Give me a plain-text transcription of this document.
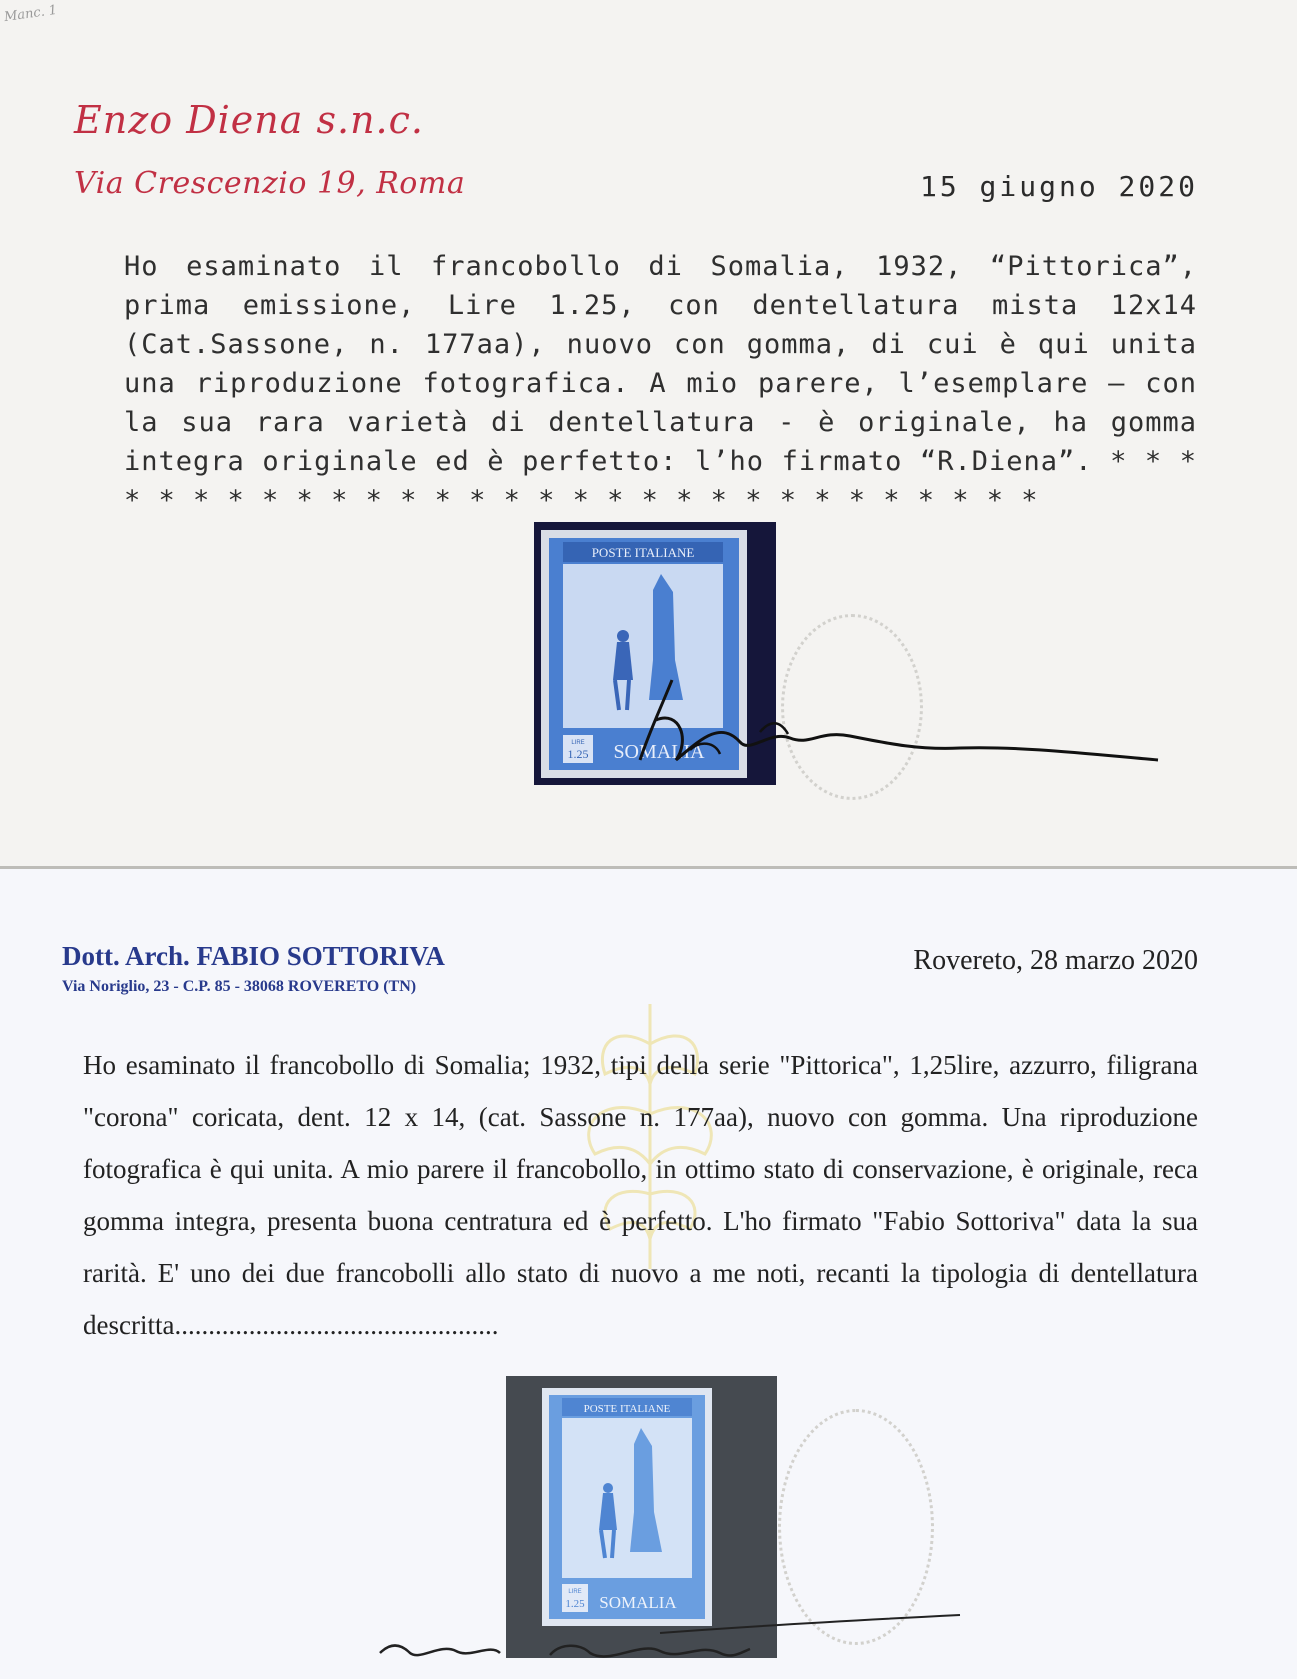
Manc. 1
Enzo Diena s.n.c.
Via Crescenzio 19, Roma	15 giugno 2020
Ho esaminato il francobollo di Somalia, 1932, “Pittorica”, prima emissione, Lire 1.25, con dentellatura mista 12x14 (Cat.Sassone, n. 177aa), nuovo con gomma, di cui è qui unita una riproduzione fotografica. A mio parere, l’esemplare – con la sua rara varietà di dentellatura - è originale, ha gomma integra originale ed è perfetto: l’ho firmato “R.Diena”. * * * * * * * * * * * * * * * * * * * * * * * * * * * * * *
POSTE ITALIANE
LIRE
1.25 SOMALIA
Dott. Arch. FABIO SOTTORIVA
Via Noriglio, 23 - C.P. 85 - 38068 ROVERETO (TN)
Rovereto, 28 marzo 2020
Ho esaminato il francobollo di Somalia; 1932, tipi della serie "Pittorica", 1,25lire, azzurro, filigrana "corona" coricata, dent. 12 x 14, (cat. Sassone n. 177aa), nuovo con gomma. Una riproduzione fotografica è qui unita. A mio parere il francobollo, in ottimo stato di conservazione, è originale, reca gomma integra, presenta buona centratura ed è perfetto. L'ho firmato "Fabio Sottoriva" data la sua rarità. E' uno dei due francobolli allo stato di nuovo a me noti, recanti la tipologia di dentellatura descritta................................................
POSTE ITALIANE
LIRE
1.25 SOMALIA
